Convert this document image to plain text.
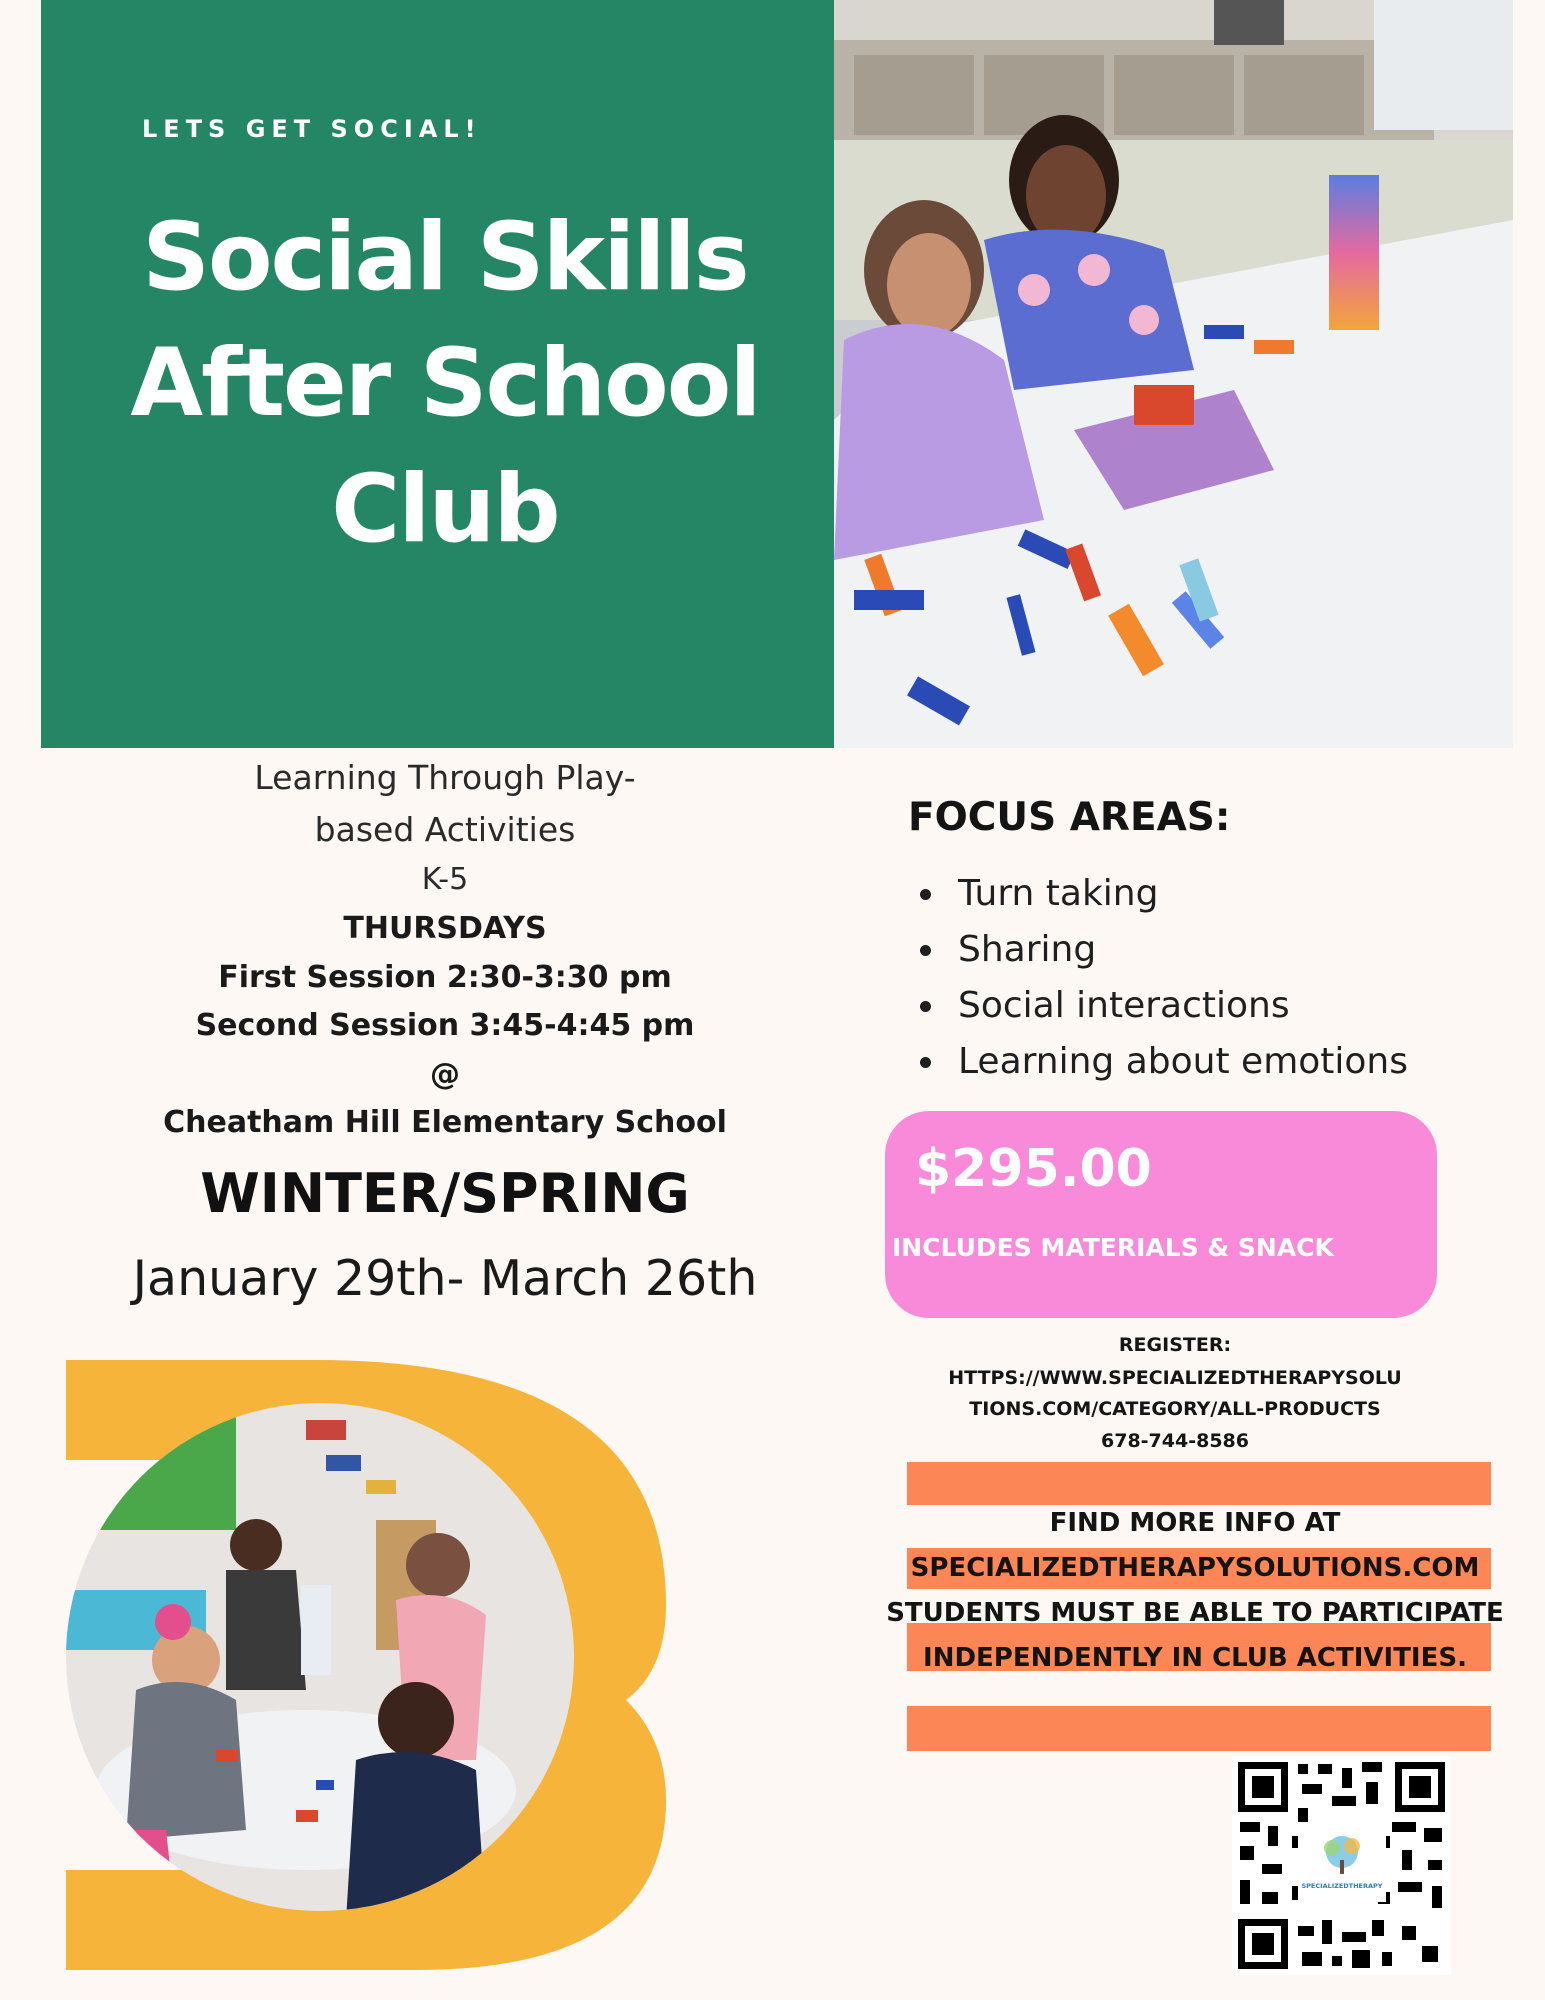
LETS GET SOCIAL!
Social Skills After School Club
Learning Through Play-based Activities
K-5
THURSDAYS
First Session 2:30-3:30 pm
Second Session 3:45-4:45 pm
@
Cheatham Hill Elementary School
WINTER/SPRING
January 29th- March 26th
FOCUS AREAS:
Turn taking
Sharing
Social interactions
Learning about emotions
$295.00
INCLUDES MATERIALS & SNACK
REGISTER:
HTTPS://WWW.SPECIALIZEDTHERAPYSOLU
TIONS.COM/CATEGORY/ALL-PRODUCTS
678-744-8586
FIND MORE INFO AT
SPECIALIZEDTHERAPYSOLUTIONS.COM
STUDENTS MUST BE ABLE TO PARTICIPATE
INDEPENDENTLY IN CLUB ACTIVITIES.
SPECIALIZEDTHERAPY
